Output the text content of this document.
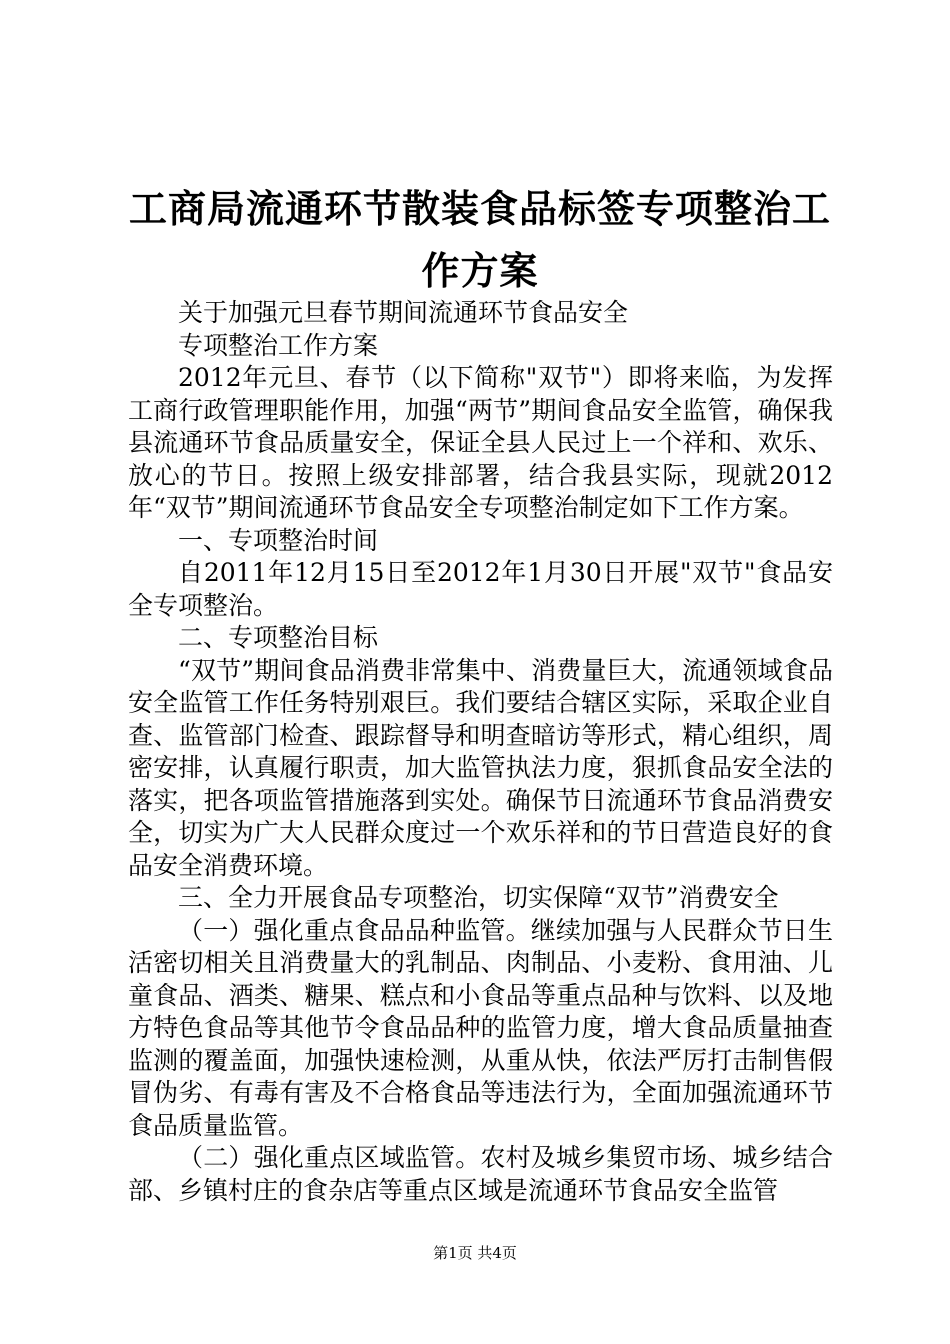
工商局流通环节散装食品标签专项整治工作方案

关于加强元旦春节期间流通环节食品安全

专项整治工作方案

2012年元旦、春节（以下简称"双节"）即将来临，为发挥工商行政管理职能作用，加强“两节”期间食品安全监管，确保我县流通环节食品质量安全，保证全县人民过上一个祥和、欢乐、放心的节日。按照上级安排部署，结合我县实际，现就2012年“双节”期间流通环节食品安全专项整治制定如下工作方案。

一、专项整治时间

自2011年12月15日至2012年1月30日开展"双节"食品安全专项整治。

二、专项整治目标

“双节”期间食品消费非常集中、消费量巨大，流通领域食品安全监管工作任务特别艰巨。我们要结合辖区实际，采取企业自查、监管部门检查、跟踪督导和明查暗访等形式，精心组织，周密安排，认真履行职责，加大监管执法力度，狠抓食品安全法的落实，把各项监管措施落到实处。确保节日流通环节食品消费安全，切实为广大人民群众度过一个欢乐祥和的节日营造良好的食品安全消费环境。

三、全力开展食品专项整治，切实保障“双节”消费安全

（一）强化重点食品品种监管。继续加强与人民群众节日生活密切相关且消费量大的乳制品、肉制品、小麦粉、食用油、儿童食品、酒类、糖果、糕点和小食品等重点品种与饮料、以及地方特色食品等其他节令食品品种的监管力度，增大食品质量抽查监测的覆盖面，加强快速检测，从重从快，依法严厉打击制售假冒伪劣、有毒有害及不合格食品等违法行为，全面加强流通环节食品质量监管。

（二）强化重点区域监管。农村及城乡集贸市场、城乡结合部、乡镇村庄的食杂店等重点区域是流通环节食品安全监管

第1页 共4页
